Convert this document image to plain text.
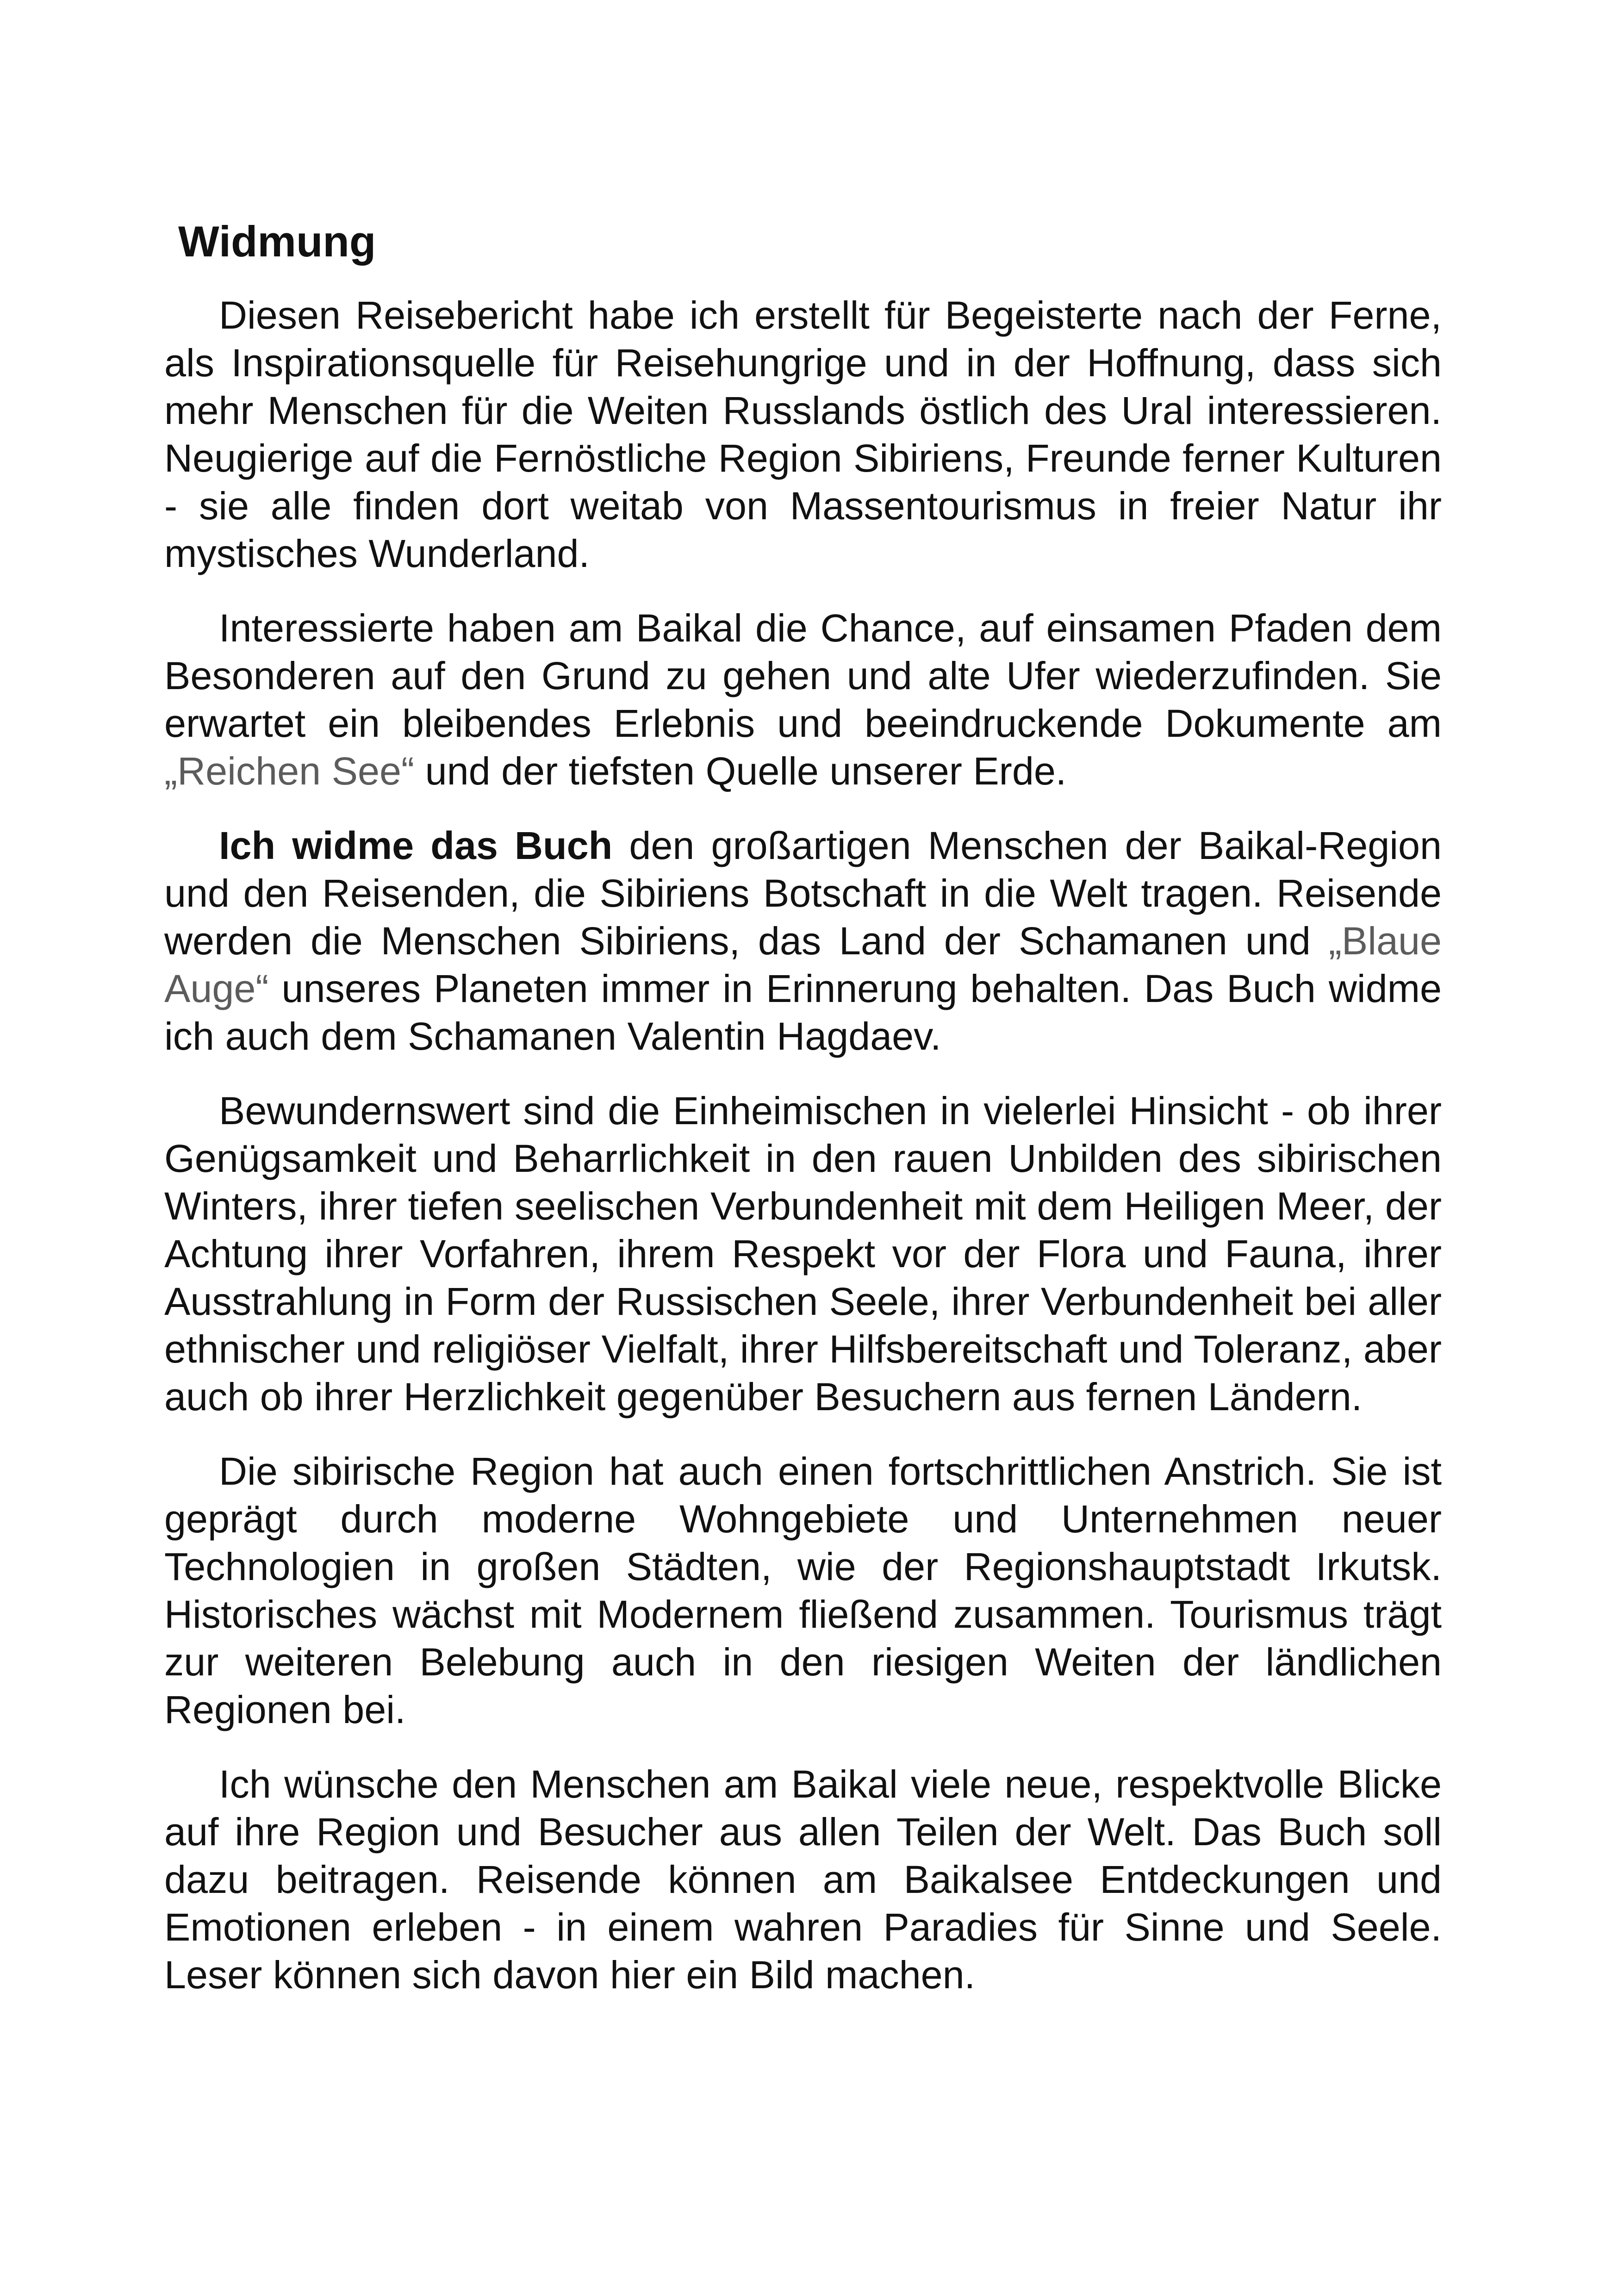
Widmung

Diesen Reisebericht habe ich erstellt für Begeisterte nach der Ferne, als Inspirationsquelle für Reisehungrige und in der Hoffnung, dass sich mehr Menschen für die Weiten Russlands östlich des Ural interessieren. Neugierige auf die Fernöstliche Region Sibiriens, Freunde ferner Kulturen - sie alle finden dort weitab von Massentourismus in freier Natur ihr mystisches Wunderland.

Interessierte haben am Baikal die Chance, auf einsamen Pfaden dem Besonderen auf den Grund zu gehen und alte Ufer wiederzufinden. Sie erwartet ein bleibendes Erlebnis und beeindruckende Dokumente am „Reichen See“ und der tiefsten Quelle unserer Erde.

Ich widme das Buch den großartigen Menschen der Baikal-Region und den Reisenden, die Sibiriens Botschaft in die Welt tragen. Reisende werden die Menschen Sibiriens, das Land der Schamanen und „Blaue Auge“ unseres Planeten immer in Erinnerung behalten. Das Buch widme ich auch dem Schamanen Valentin Hagdaev.

Bewundernswert sind die Einheimischen in vielerlei Hinsicht - ob ihrer Genügsamkeit und Beharrlichkeit in den rauen Unbilden des sibirischen Winters, ihrer tiefen seelischen Verbundenheit mit dem Heiligen Meer, der Achtung ihrer Vorfahren, ihrem Respekt vor der Flora und Fauna, ihrer Ausstrahlung in Form der Russischen Seele, ihrer Verbundenheit bei aller ethnischer und religiöser Vielfalt, ihrer Hilfsbereitschaft und Toleranz, aber auch ob ihrer Herzlichkeit gegenüber Besuchern aus fernen Ländern.

Die sibirische Region hat auch einen fortschrittlichen Anstrich. Sie ist geprägt durch moderne Wohngebiete und Unternehmen neuer Technologien in großen Städten, wie der Regionshauptstadt Irkutsk. Historisches wächst mit Modernem fließend zusammen. Tourismus trägt zur weiteren Belebung auch in den riesigen Weiten der ländlichen Regionen bei.

Ich wünsche den Menschen am Baikal viele neue, respektvolle Blicke auf ihre Region und Besucher aus allen Teilen der Welt. Das Buch soll dazu beitragen. Reisende können am Baikalsee Entdeckungen und Emotionen erleben - in einem wahren Paradies für Sinne und Seele. Leser können sich davon hier ein Bild machen.
